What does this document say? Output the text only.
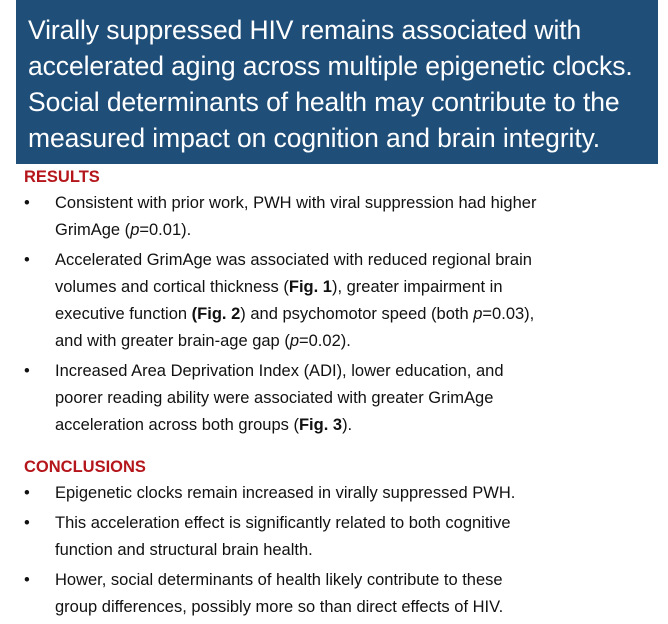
Virally suppressed HIV remains associated with
accelerated aging across multiple epigenetic clocks.
Social determinants of health may contribute to the
measured impact on cognition and brain integrity.
RESULTS
• Consistent with prior work, PWH with viral suppression had higher
GrimAge (p=0.01).
• Accelerated GrimAge was associated with reduced regional brain
volumes and cortical thickness (Fig. 1), greater impairment in
executive function (Fig. 2) and psychomotor speed (both p=0.03),
and with greater brain-age gap (p=0.02).
• Increased Area Deprivation Index (ADI), lower education, and
poorer reading ability were associated with greater GrimAge
acceleration across both groups (Fig. 3).
CONCLUSIONS
• Epigenetic clocks remain increased in virally suppressed PWH.
• This acceleration effect is significantly related to both cognitive
function and structural brain health.
• Hower, social determinants of health likely contribute to these
group differences, possibly more so than direct effects of HIV.
